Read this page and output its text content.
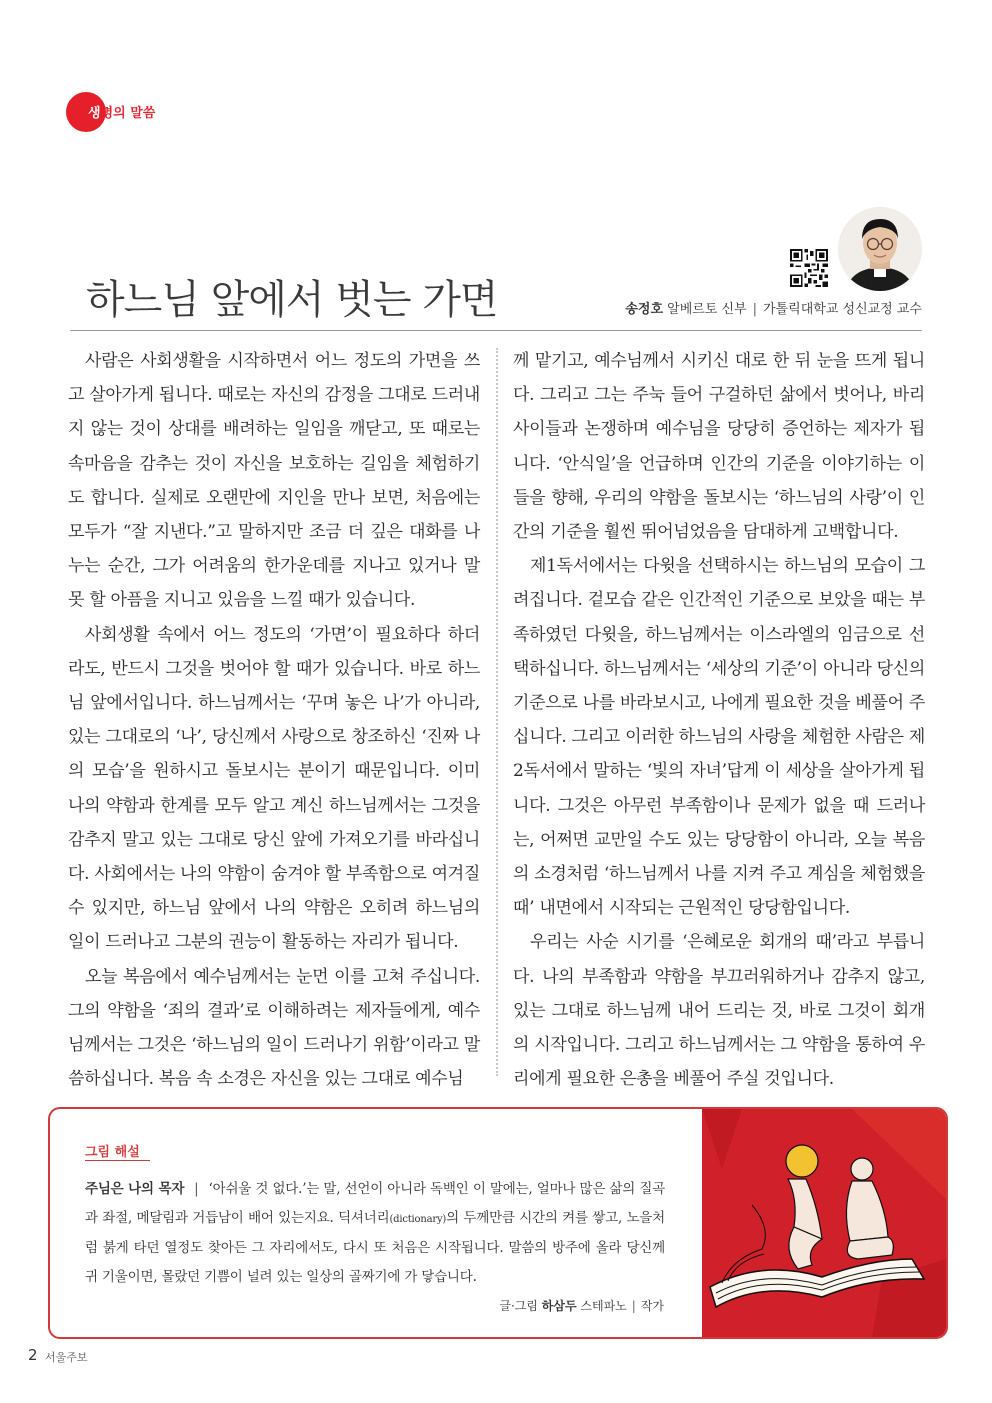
생명의 말씀
하느님 앞에서 벗는 가면	송정호 알베르토 신부 | 가톨릭대학교 성신교정 교수

사람은 사회생활을 시작하면서 어느 정도의 가면을 쓰고 살아가게 됩니다. 때로는 자신의 감정을 그대로 드러내지 않는 것이 상대를 배려하는 일임을 깨닫고, 또 때로는 속마음을 감추는 것이 자신을 보호하는 길임을 체험하기도 합니다. 실제로 오랜만에 지인을 만나 보면, 처음에는 모두가 “잘 지낸다.”고 말하지만 조금 더 깊은 대화를 나누는 순간, 그가 어려움의 한가운데를 지나고 있거나 말 못 할 아픔을 지니고 있음을 느낄 때가 있습니다.

사회생활 속에서 어느 정도의 ‘가면’이 필요하다 하더라도, 반드시 그것을 벗어야 할 때가 있습니다. 바로 하느님 앞에서입니다. 하느님께서는 ‘꾸며 놓은 나’가 아니라, 있는 그대로의 ‘나’, 당신께서 사랑으로 창조하신 ‘진짜 나의 모습’을 원하시고 돌보시는 분이기 때문입니다. 이미 나의 약함과 한계를 모두 알고 계신 하느님께서는 그것을 감추지 말고 있는 그대로 당신 앞에 가져오기를 바라십니다. 사회에서는 나의 약함이 숨겨야 할 부족함으로 여겨질 수 있지만, 하느님 앞에서 나의 약함은 오히려 하느님의 일이 드러나고 그분의 권능이 활동하는 자리가 됩니다.

오늘 복음에서 예수님께서는 눈먼 이를 고쳐 주십니다. 그의 약함을 ‘죄의 결과’로 이해하려는 제자들에게, 예수님께서는 그것은 ‘하느님의 일이 드러나기 위함’이라고 말씀하십니다. 복음 속 소경은 자신을 있는 그대로 예수님

께 맡기고, 예수님께서 시키신 대로 한 뒤 눈을 뜨게 됩니다. 그리고 그는 주눅 들어 구걸하던 삶에서 벗어나, 바리사이들과 논쟁하며 예수님을 당당히 증언하는 제자가 됩니다. ‘안식일’을 언급하며 인간의 기준을 이야기하는 이들을 향해, 우리의 약함을 돌보시는 ‘하느님의 사랑’이 인간의 기준을 훨씬 뛰어넘었음을 담대하게 고백합니다.

제1독서에서는 다윗을 선택하시는 하느님의 모습이 그려집니다. 겉모습 같은 인간적인 기준으로 보았을 때는 부족하였던 다윗을, 하느님께서는 이스라엘의 임금으로 선택하십니다. 하느님께서는 ‘세상의 기준’이 아니라 당신의 기준으로 나를 바라보시고, 나에게 필요한 것을 베풀어 주십니다. 그리고 이러한 하느님의 사랑을 체험한 사람은 제2독서에서 말하는 ‘빛의 자녀’답게 이 세상을 살아가게 됩니다. 그것은 아무런 부족함이나 문제가 없을 때 드러나는, 어쩌면 교만일 수도 있는 당당함이 아니라, 오늘 복음의 소경처럼 ‘하느님께서 나를 지켜 주고 계심을 체험했을 때’ 내면에서 시작되는 근원적인 당당함입니다.

우리는 사순 시기를 ‘은혜로운 회개의 때’라고 부릅니다. 나의 부족함과 약함을 부끄러워하거나 감추지 않고, 있는 그대로 하느님께 내어 드리는 것, 바로 그것이 회개의 시작입니다. 그리고 하느님께서는 그 약함을 통하여 우리에게 필요한 은총을 베풀어 주실 것입니다.

그림 해설
주님은 나의 목자 | ‘아쉬울 것 없다.’는 말, 선언이 아니라 독백인 이 말에는, 얼마나 많은 삶의 질곡과 좌절, 메달림과 거듭남이 배어 있는지요. 딕셔너리(dictionary)의 두께만큼 시간의 켜를 쌓고, 노을처럼 붉게 타던 열정도 찾아든 그 자리에서도, 다시 또 처음은 시작됩니다. 말씀의 방주에 올라 당신께 귀 기울이면, 몰랐던 기쁨이 널려 있는 일상의 골짜기에 가 닿습니다.
글·그림 하삼두 스테파노 | 작가
2 서울주보
